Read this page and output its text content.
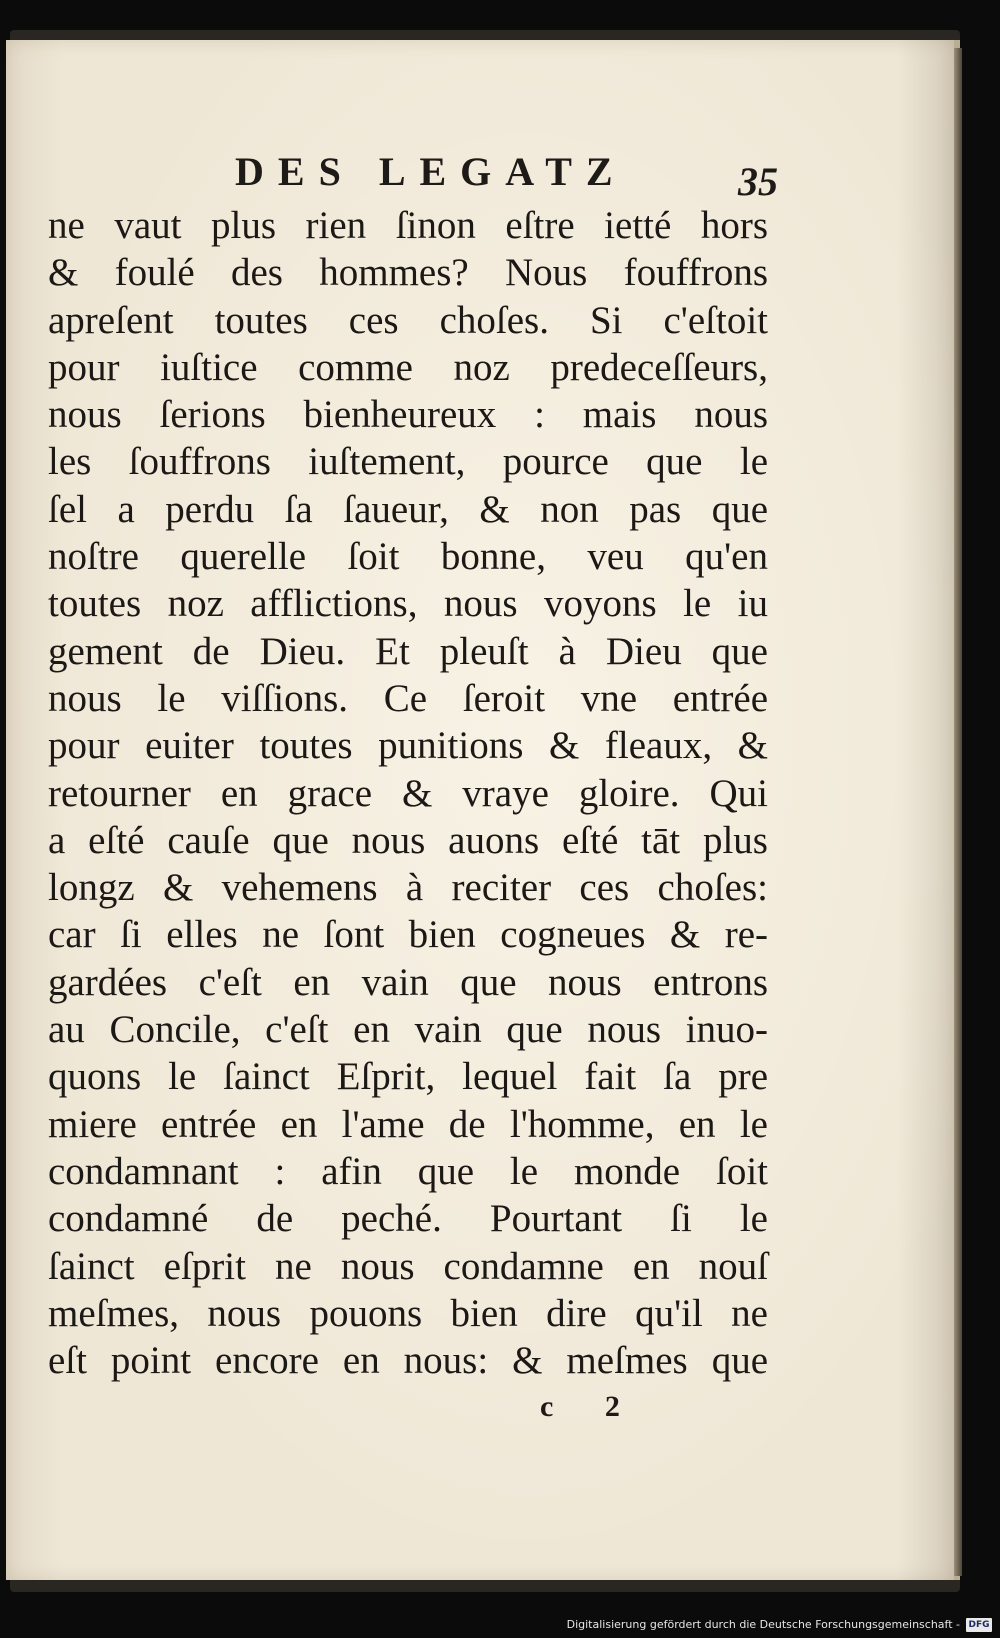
DES LEGATZ	35
ne vaut plus rien ſinon eſtre ietté hors
& foulé des hommes? Nous fouffrons
apreſent toutes ces choſes. Si c'eſtoit
pour iuſtice comme noz predeceſſeurs,
nous ſerions bienheureux : mais nous
les ſouffrons iuſtement, pource que le
ſel a perdu ſa ſaueur, & non pas que
noſtre querelle ſoit bonne, veu qu'en
toutes noz afflictions, nous voyons le iu
gement de Dieu. Et pleuſt à Dieu que
nous le viſſions. Ce ſeroit vne entrée
pour euiter toutes punitions & fleaux, &
retourner en grace & vraye gloire. Qui
a eſté cauſe que nous auons eſté tāt plus
longz & vehemens à reciter ces choſes:
car ſi elles ne ſont bien cogneues & re-
gardées c'eſt en vain que nous entrons
au Concile, c'eſt en vain que nous inuo-
quons le ſainct Eſprit, lequel fait ſa pre
miere entrée en l'ame de l'homme, en le
condamnant : afin que le monde ſoit
condamné de peché. Pourtant ſi le
ſainct eſprit ne nous condamne en nouſ
meſmes, nous pouons bien dire qu'il ne
eſt point encore en nous: & meſmes que
c 2
Digitalisierung gefördert durch die Deutsche Forschungsgemeinschaft - DFG
